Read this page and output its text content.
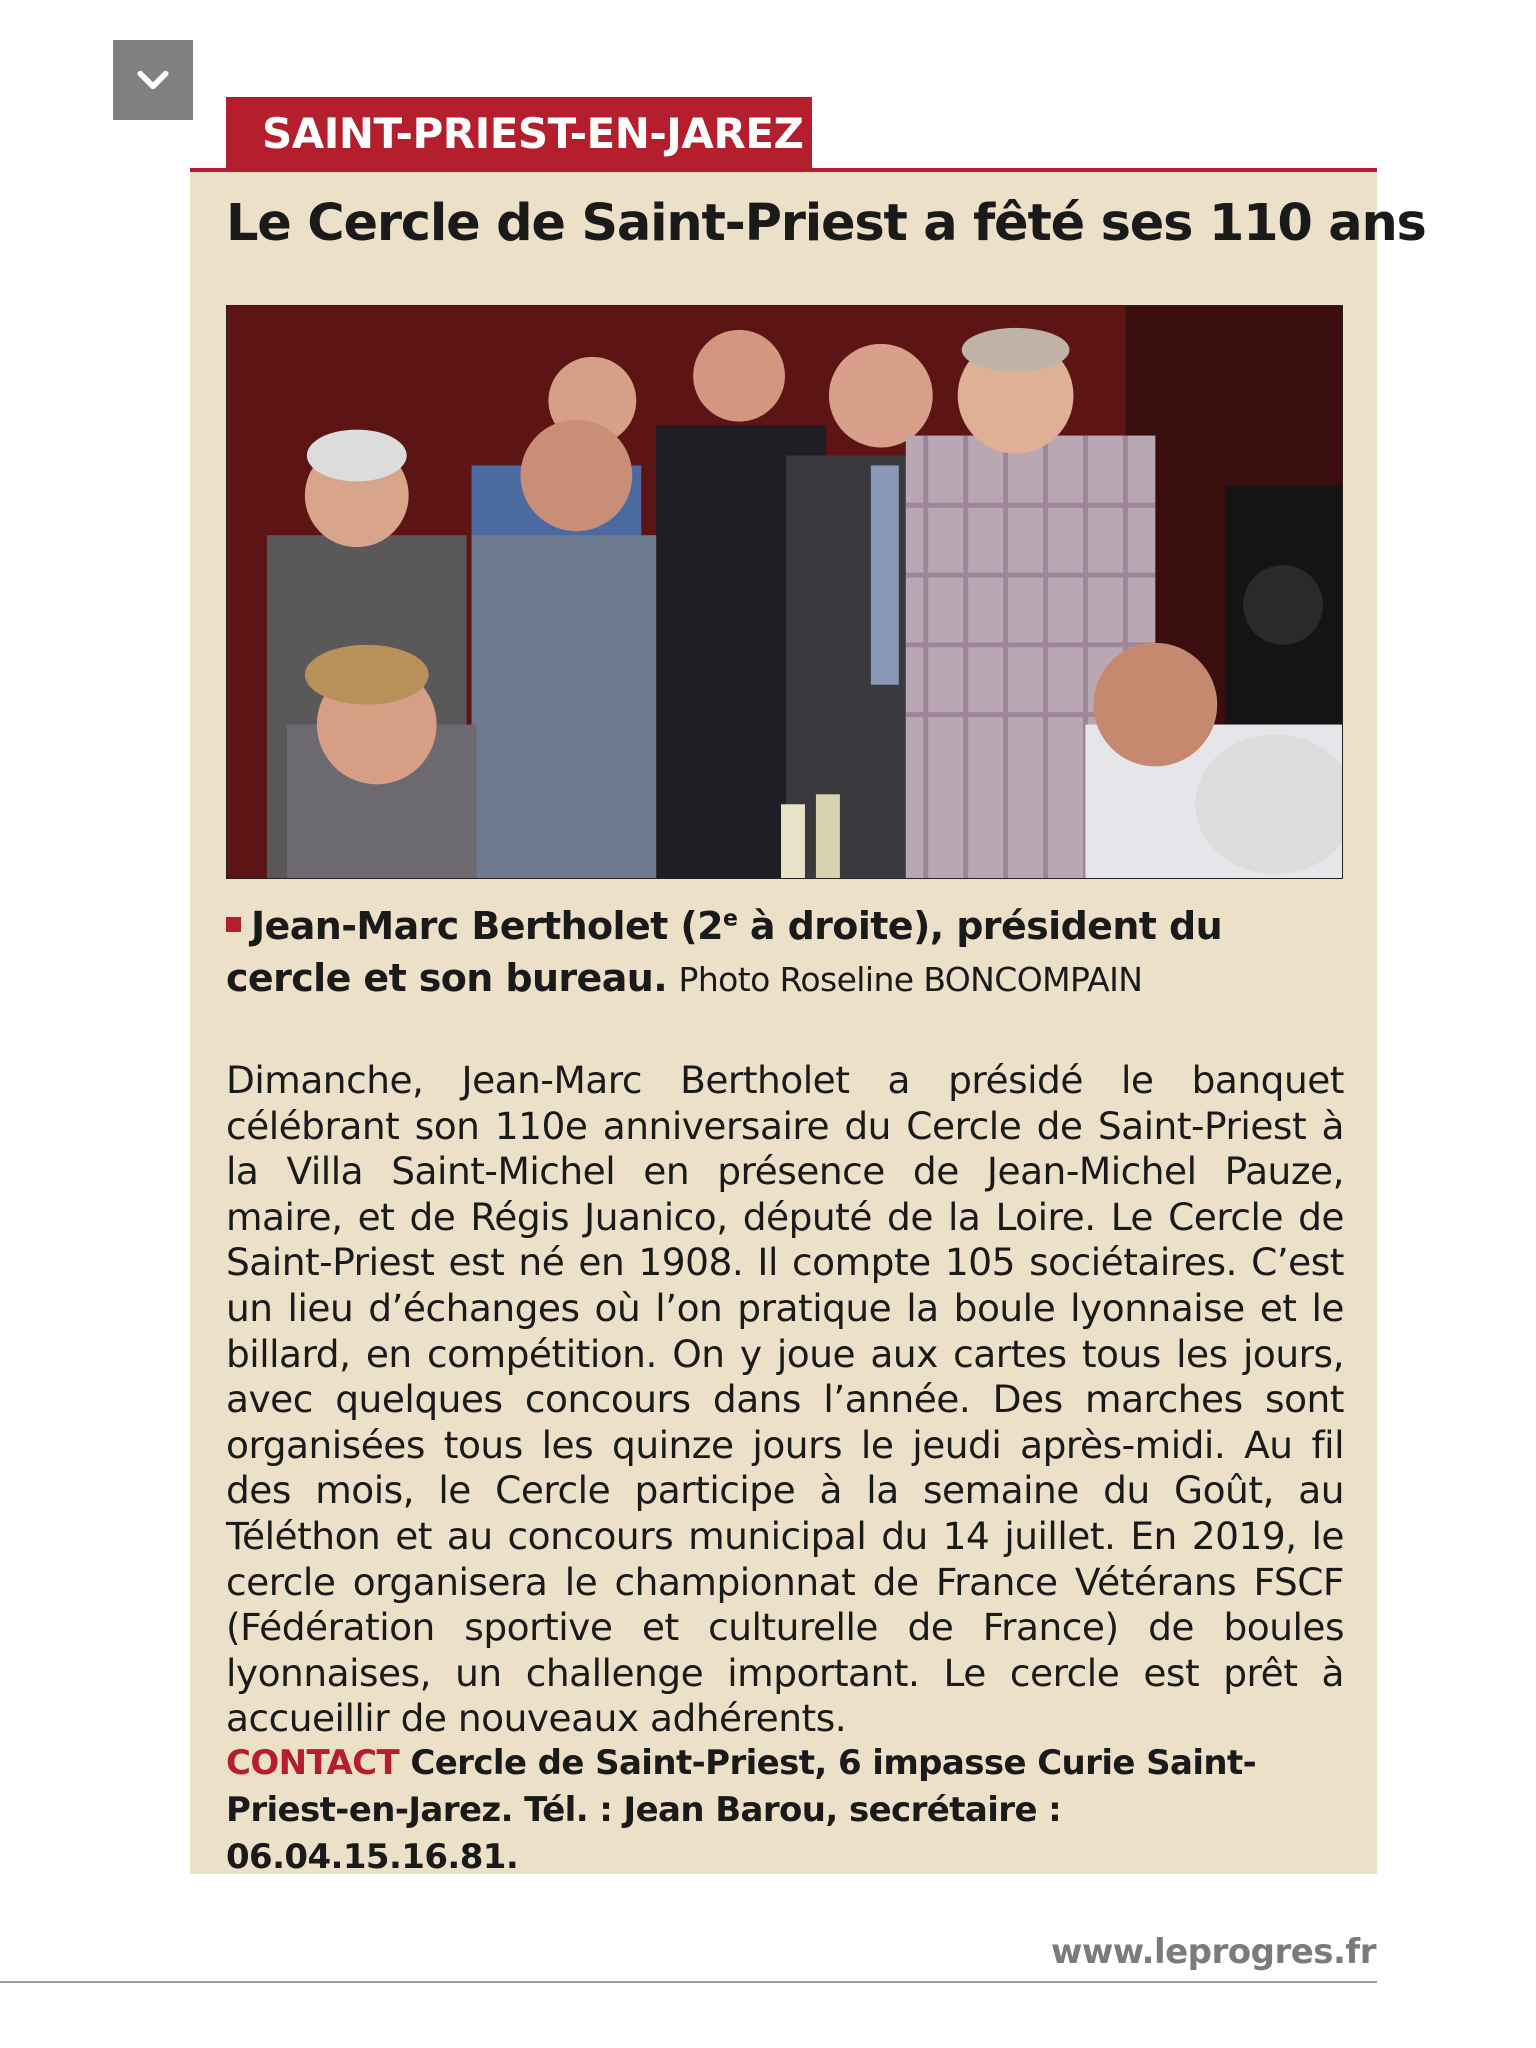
SAINT-PRIEST-EN-JAREZ
Le Cercle de Saint-Priest a fêté ses 110 ans
Jean-Marc Bertholet (2e à droite), président du cercle et son bureau. Photo Roseline BONCOMPAIN
Dimanche, Jean-Marc Bertholet a présidé le banquet célébrant son 110e anniversaire du Cercle de Saint-Priest à la Villa Saint-Michel en présence de Jean-Michel Pauze, maire, et de Régis Juanico, député de la Loire. Le Cercle de Saint-Priest est né en 1908. Il compte 105 sociétaires. C’est un lieu d’échanges où l’on pratique la boule lyonnaise et le billard, en compétition. On y joue aux cartes tous les jours, avec quelques concours dans l’année. Des marches sont organisées tous les quinze jours le jeudi après-midi. Au fil des mois, le Cercle participe à la semaine du Goût, au Téléthon et au concours municipal du 14 juillet. En 2019, le cercle organisera le championnat de France Vétérans FSCF (Fédération sportive et culturelle de France) de boules lyonnaises, un challenge important. Le cercle est prêt à accueillir de nouveaux adhérents.
CONTACT Cercle de Saint-Priest, 6 impasse Curie Saint-Priest-en-Jarez. Tél. : Jean Barou, secrétaire : 06.04.15.16.81.
www.leprogres.fr
